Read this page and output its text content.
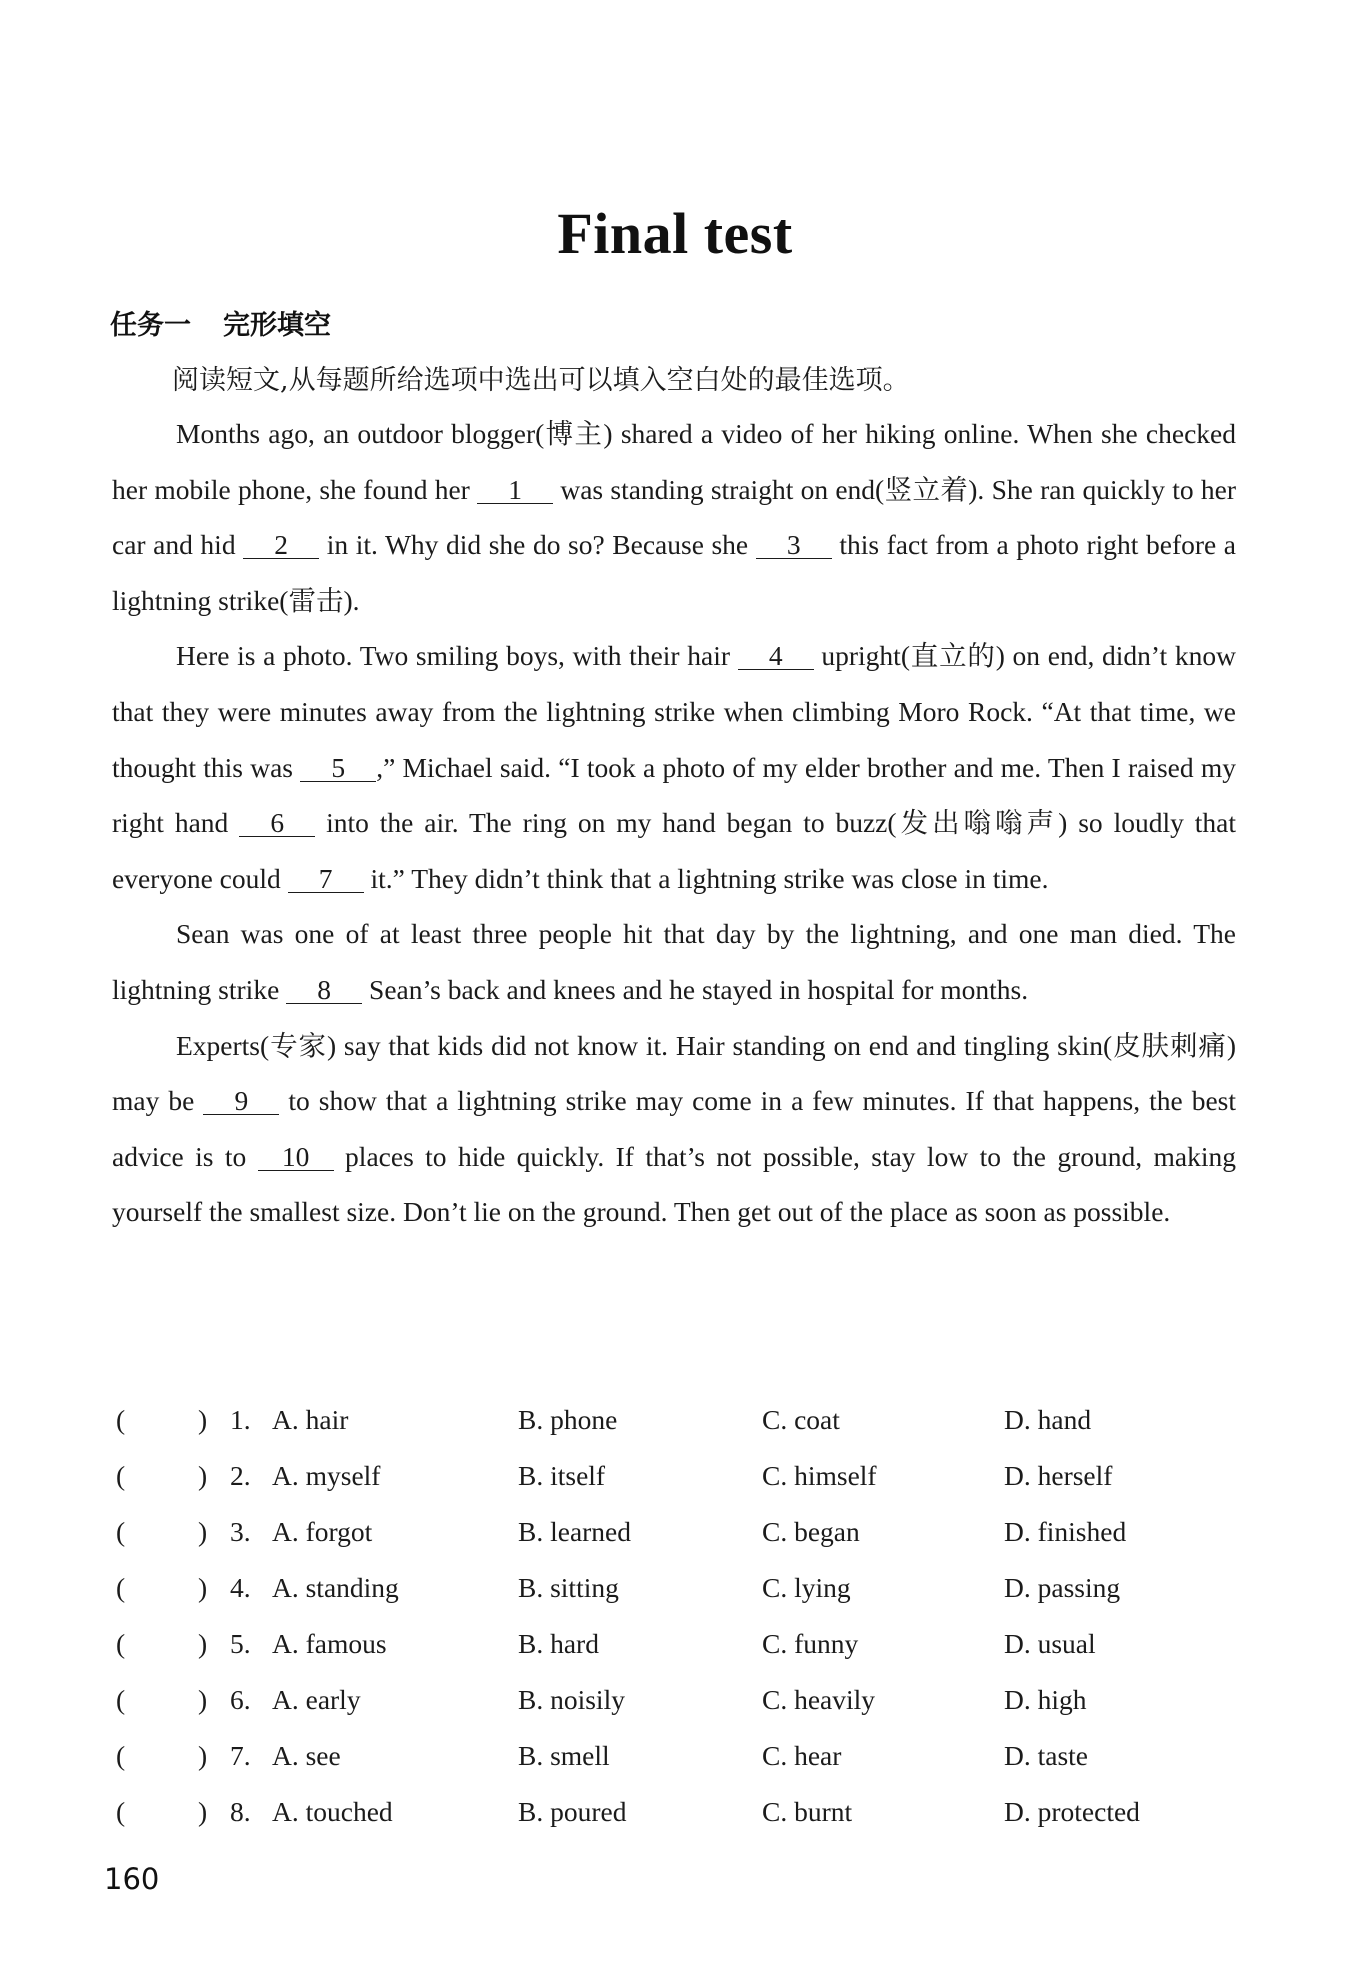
Final test
任务一 完形填空
阅读短文,从每题所给选项中选出可以填入空白处的最佳选项。

Months ago, an outdoor blogger(博主) shared a video of her hiking online. When she checked her mobile phone, she found her 1 was standing straight on end(竖立着). She ran quickly to her car and hid 2 in it. Why did she do so? Because she 3 this fact from a photo right before a lightning strike(雷击).

Here is a photo. Two smiling boys, with their hair 4 upright(直立的) on end, didn’t know that they were minutes away from the lightning strike when climbing Moro Rock. “At that time, we thought this was 5 ,” Michael said. “I took a photo of my elder brother and me. Then I raised my right hand 6 into the air. The ring on my hand began to buzz(发出嗡嗡声) so loudly that everyone could 7 it.” They didn’t think that a lightning strike was close in time.

Sean was one of at least three people hit that day by the lightning, and one man died. The lightning strike 8 Sean’s back and knees and he stayed in hospital for months.

Experts(专家) say that kids did not know it. Hair standing on end and tingling skin(皮肤刺痛) may be 9 to show that a lightning strike may come in a few minutes. If that happens, the best advice is to 10 places to hide quickly. If that’s not possible, stay low to the ground, making yourself the smallest size. Don’t lie on the ground. Then get out of the place as soon as possible.

(	) 1. A. hair	B. phone	C. coat	D. hand
(	) 2. A. myself	B. itself	C. himself	D. herself
(	) 3. A. forgot	B. learned	C. began	D. finished
(	) 4. A. standing	B. sitting	C. lying	D. passing
(	) 5. A. famous	B. hard	C. funny	D. usual
(	) 6. A. early	B. noisily	C. heavily	D. high
(	) 7. A. see	B. smell	C. hear	D. taste
(	) 8. A. touched	B. poured	C. burnt	D. protected
160
